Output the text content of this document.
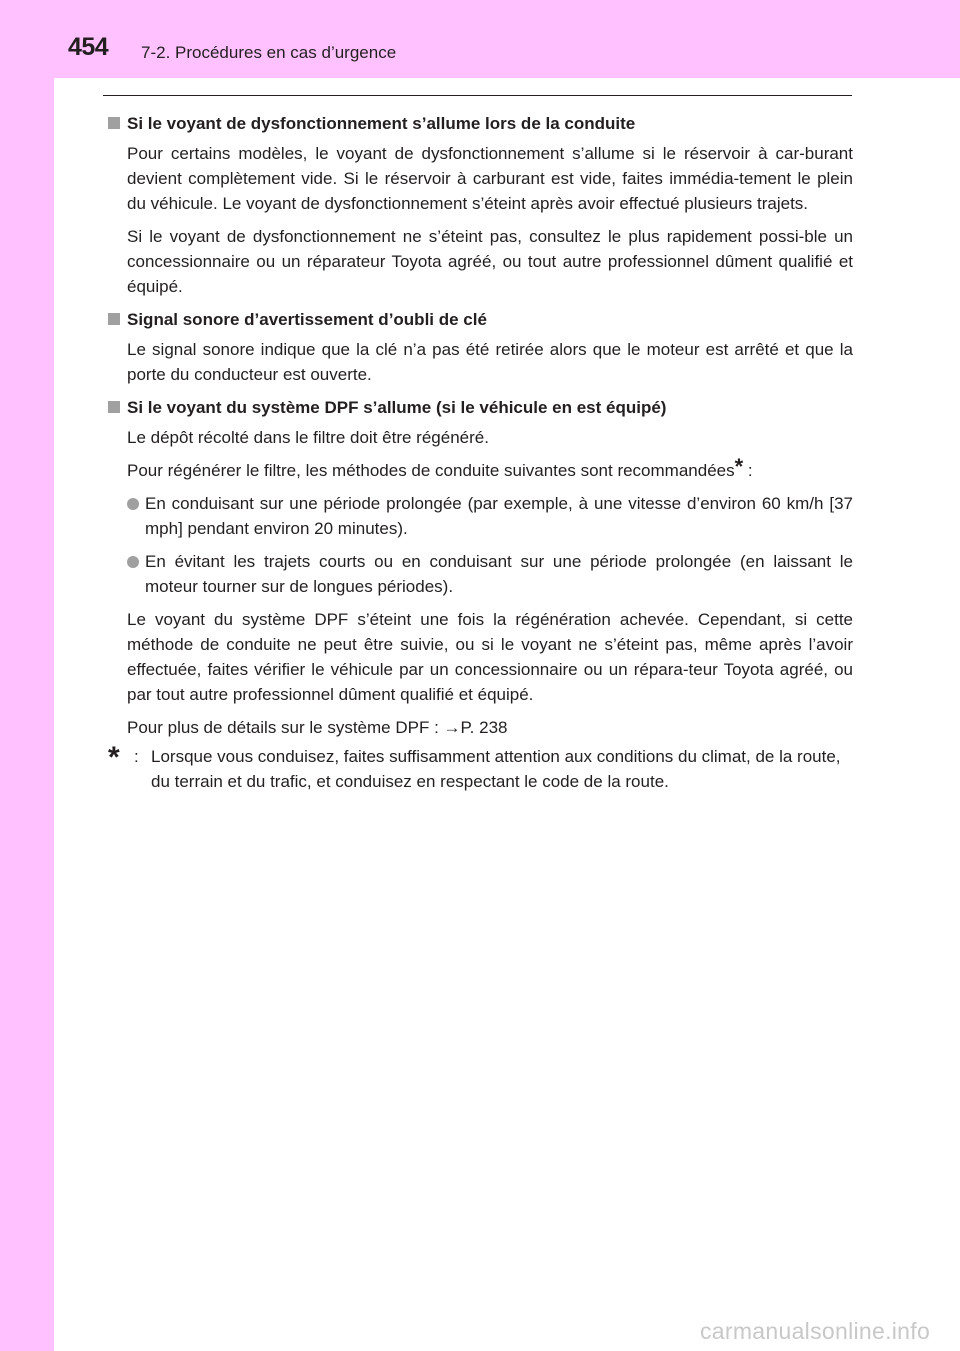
454 7-2. Procédures en cas d’urgence
Si le voyant de dysfonctionnement s’allume lors de la conduite

Pour certains modèles, le voyant de dysfonctionnement s’allume si le réservoir à car-burant devient complètement vide. Si le réservoir à carburant est vide, faites immédia-tement le plein du véhicule. Le voyant de dysfonctionnement s’éteint après avoir effectué plusieurs trajets.

Si le voyant de dysfonctionnement ne s’éteint pas, consultez le plus rapidement possi-ble un concessionnaire ou un réparateur Toyota agréé, ou tout autre professionnel dûment qualifié et équipé.

Signal sonore d’avertissement d’oubli de clé

Le signal sonore indique que la clé n’a pas été retirée alors que le moteur est arrêté et que la porte du conducteur est ouverte.

Si le voyant du système DPF s’allume (si le véhicule en est équipé)

Le dépôt récolté dans le filtre doit être régénéré.

Pour régénérer le filtre, les méthodes de conduite suivantes sont recommandées* :

En conduisant sur une période prolongée (par exemple, à une vitesse d’environ 60 km/h [37 mph] pendant environ 20 minutes).
En évitant les trajets courts ou en conduisant sur une période prolongée (en laissant le moteur tourner sur de longues périodes).

Le voyant du système DPF s’éteint une fois la régénération achevée. Cependant, si cette méthode de conduite ne peut être suivie, ou si le voyant ne s’éteint pas, même après l’avoir effectuée, faites vérifier le véhicule par un concessionnaire ou un répara-teur Toyota agréé, ou par tout autre professionnel dûment qualifié et équipé.

Pour plus de détails sur le système DPF : →P. 238

* : Lorsque vous conduisez, faites suffisamment attention aux conditions du climat, de la route, du terrain et du trafic, et conduisez en respectant le code de la route.
carmanualsonline.info
